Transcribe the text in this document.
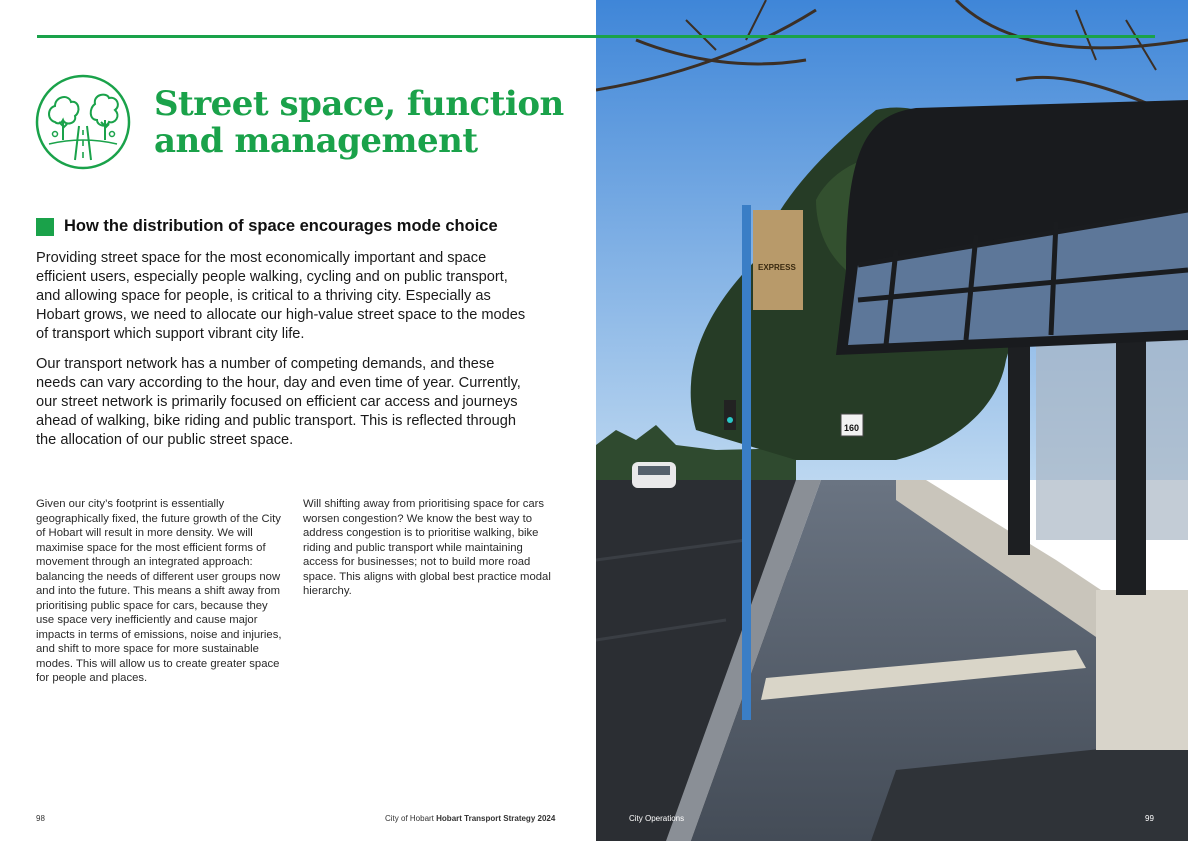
Street space, function
and management
How the distribution of space encourages mode choice

Providing street space for the most economically important and space efficient users, especially people walking, cycling and on public transport, and allowing space for people, is critical to a thriving city. Especially as Hobart grows, we need to allocate our high-value street space to the modes of transport which support vibrant city life.

Our transport network has a number of competing demands, and these needs can vary according to the hour, day and even time of year. Currently, our street network is primarily focused on efficient car access and journeys ahead of walking, bike riding and public transport. This is reflected through the allocation of our public street space.

Given our city’s footprint is essentially geographically fixed, the future growth of the City of Hobart will result in more density. We will maximise space for the most efficient forms of movement through an integrated approach: balancing the needs of different user groups now and into the future. This means a shift away from prioritising public space for cars, because they use space very inefficiently and cause major impacts in terms of emissions, noise and injuries, and shift to more space for more sustainable modes. This will allow us to create greater space for people and places.

Will shifting away from prioritising space for cars worsen congestion? We know the best way to address congestion is to prioritise walking, bike riding and public transport while maintaining access for businesses; not to build more road space. This aligns with global best practice modal hierarchy.

98	City of Hobart Hobart Transport Strategy 2024
EXPRESS
160
City Operations	99
